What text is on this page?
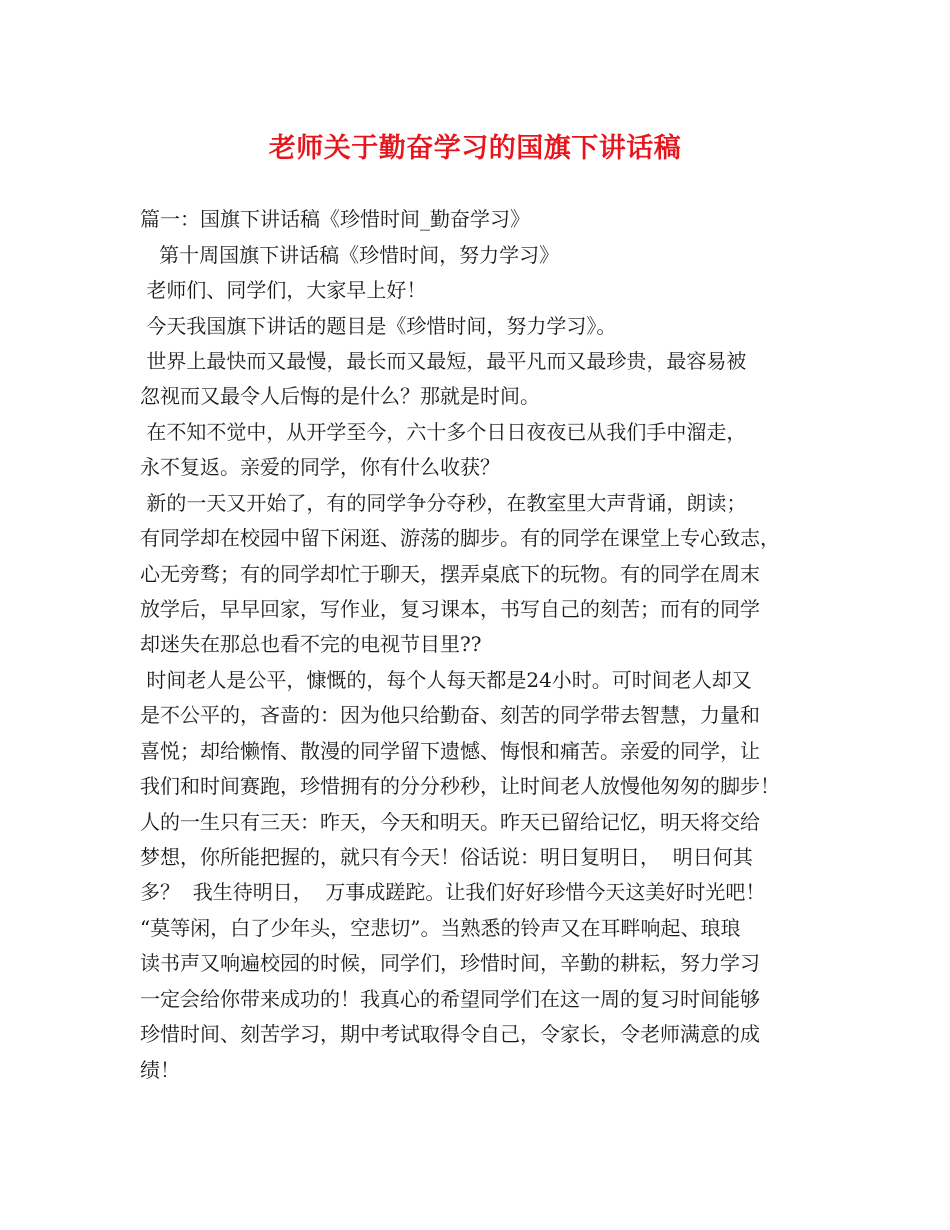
老师关于勤奋学习的国旗下讲话稿
篇一：国旗下讲话稿《珍惜时间_勤奋学习》
第十周国旗下讲话稿《珍惜时间，努力学习》
老师们、同学们，大家早上好！
今天我国旗下讲话的题目是《珍惜时间，努力学习》。
世界上最快而又最慢，最长而又最短，最平凡而又最珍贵，最容易被
忽视而又最令人后悔的是什么？那就是时间。
在不知不觉中，从开学至今，六十多个日日夜夜已从我们手中溜走，
永不复返。亲爱的同学，你有什么收获？
新的一天又开始了，有的同学争分夺秒，在教室里大声背诵，朗读；
有同学却在校园中留下闲逛、游荡的脚步。有的同学在课堂上专心致志，
心无旁骛；有的同学却忙于聊天，摆弄桌底下的玩物。有的同学在周末
放学后，早早回家，写作业，复习课本，书写自己的刻苦；而有的同学
却迷失在那总也看不完的电视节目里??
时间老人是公平，慷慨的，每个人每天都是24小时。可时间老人却又
是不公平的，吝啬的：因为他只给勤奋、刻苦的同学带去智慧，力量和
喜悦；却给懒惰、散漫的同学留下遗憾、悔恨和痛苦。亲爱的同学，让
我们和时间赛跑，珍惜拥有的分分秒秒，让时间老人放慢他匆匆的脚步！
人的一生只有三天：昨天，今天和明天。昨天已留给记忆，明天将交给
梦想，你所能把握的，就只有今天！俗话说：明日复明日，  明日何其
多？  我生待明日，  万事成蹉跎。让我们好好珍惜今天这美好时光吧！
“莫等闲，白了少年头，空悲切”。当熟悉的铃声又在耳畔响起、琅琅
读书声又响遍校园的时候，同学们，珍惜时间，辛勤的耕耘，努力学习
一定会给你带来成功的！我真心的希望同学们在这一周的复习时间能够
珍惜时间、刻苦学习，期中考试取得令自己，令家长，令老师满意的成
绩！
